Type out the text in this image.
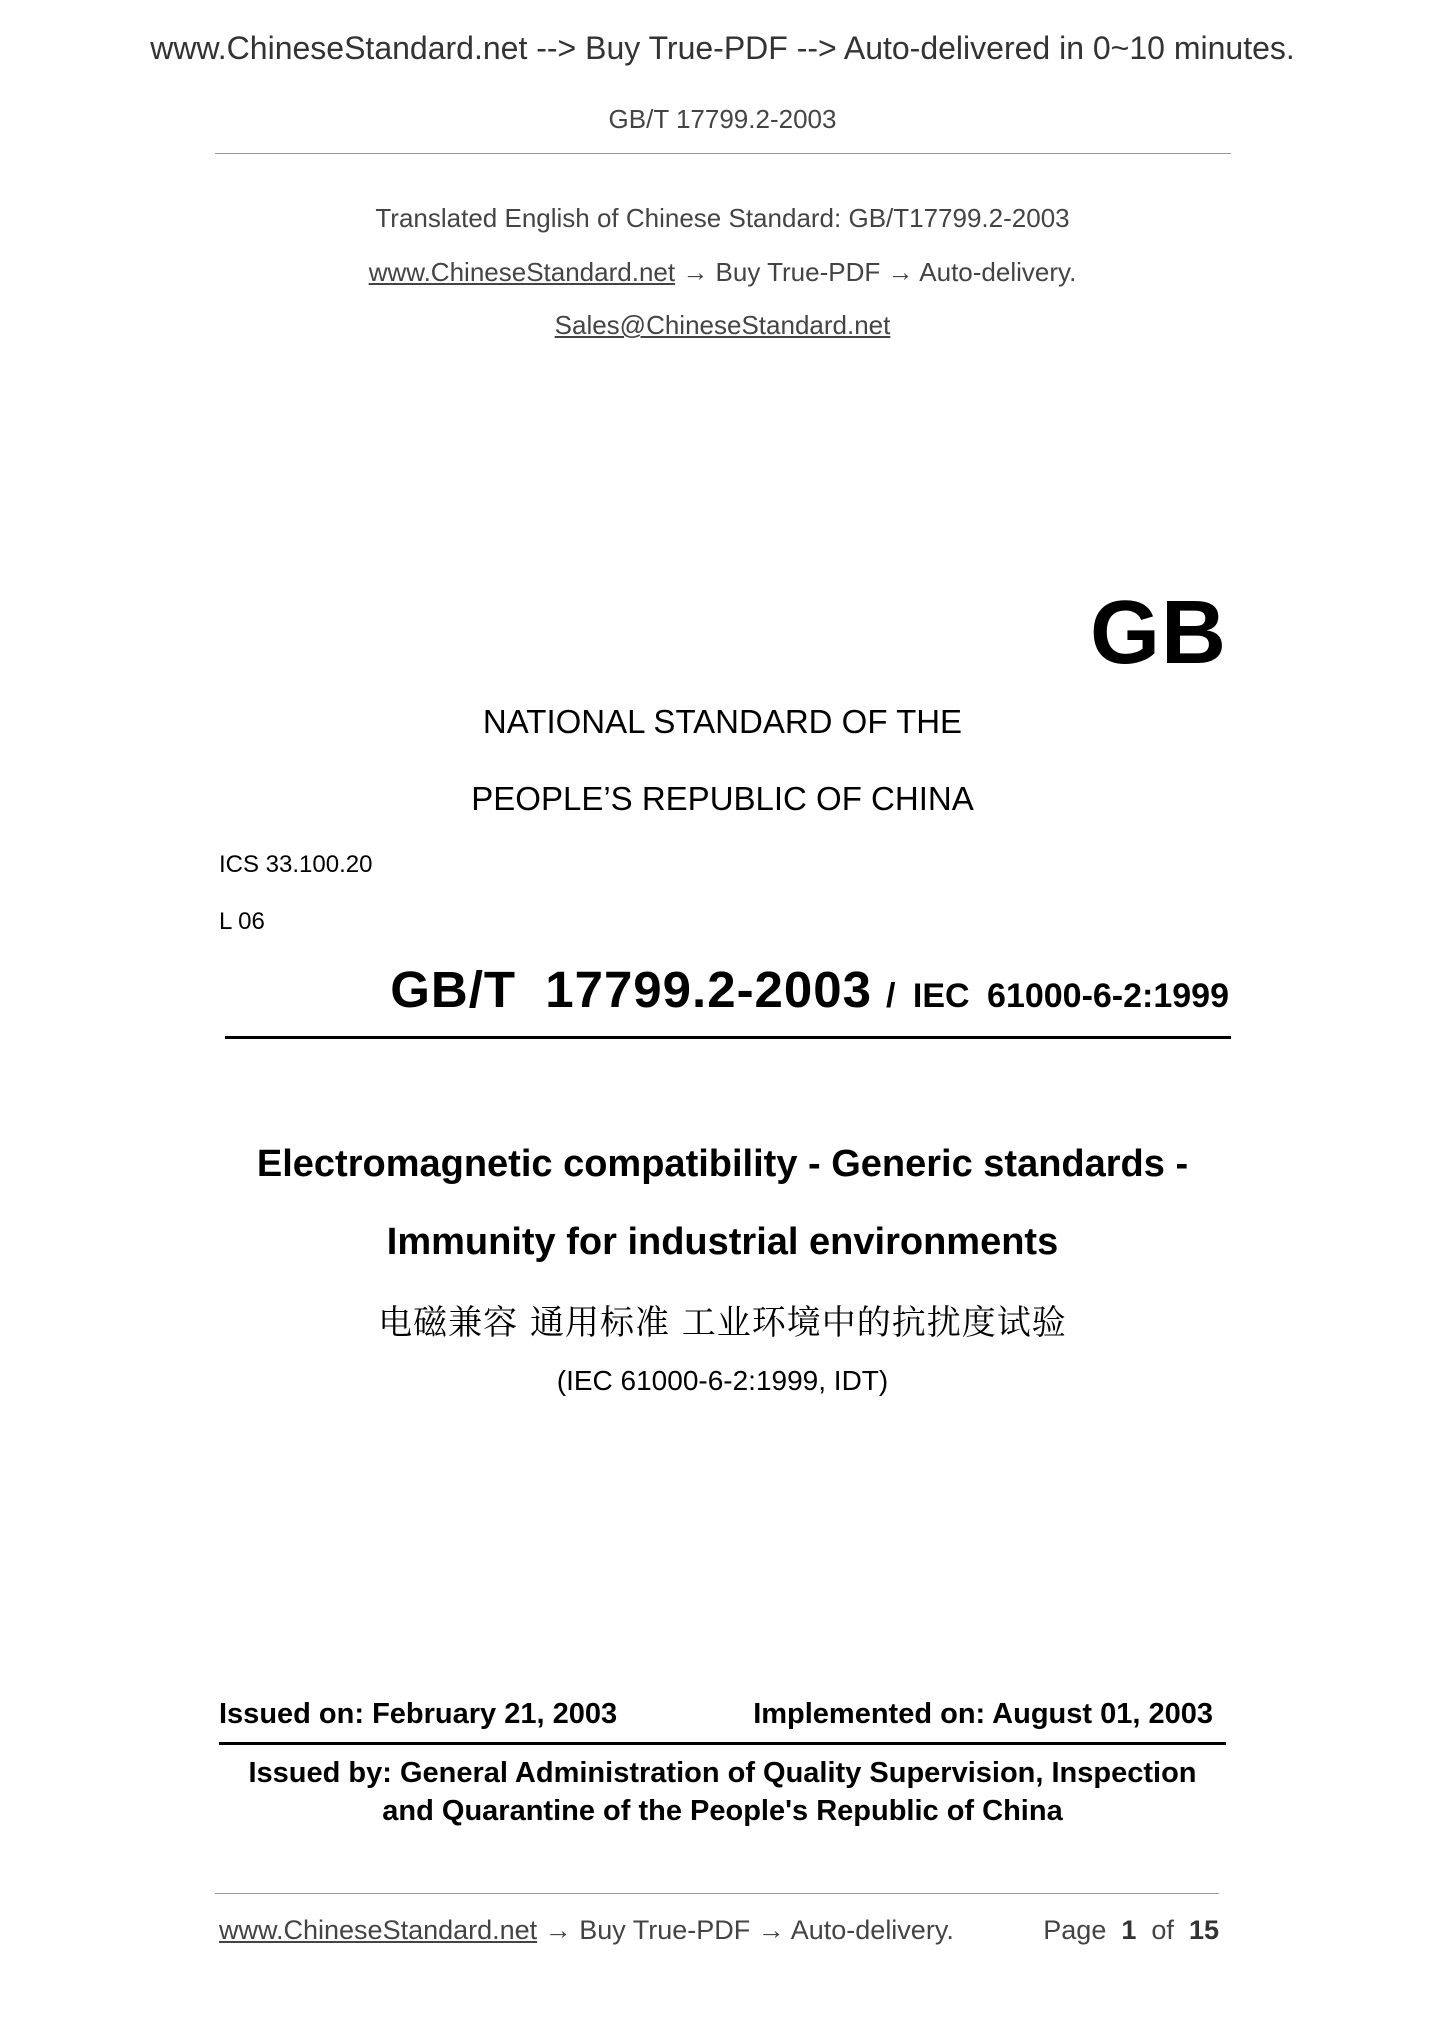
www.ChineseStandard.net --> Buy True-PDF --> Auto-delivered in 0~10 minutes.
GB/T 17799.2-2003
Translated English of Chinese Standard: GB/T17799.2-2003
www.ChineseStandard.net → Buy True-PDF → Auto-delivery.
Sales@ChineseStandard.net
GB
NATIONAL STANDARD OF THE
PEOPLE’S REPUBLIC OF CHINA
ICS 33.100.20
L 06
GB/T 17799.2-2003 / IEC 61000-6-2:1999
Electromagnetic compatibility - Generic standards -
Immunity for industrial environments
电磁兼容 通用标准 工业环境中的抗扰度试验
(IEC 61000-6-2:1999, IDT)
Issued on: February 21, 2003	Implemented on: August 01, 2003
Issued by: General Administration of Quality Supervision, Inspection
and Quarantine of the People's Republic of China
www.ChineseStandard.net → Buy True-PDF → Auto-delivery.	Page 1 of 15
